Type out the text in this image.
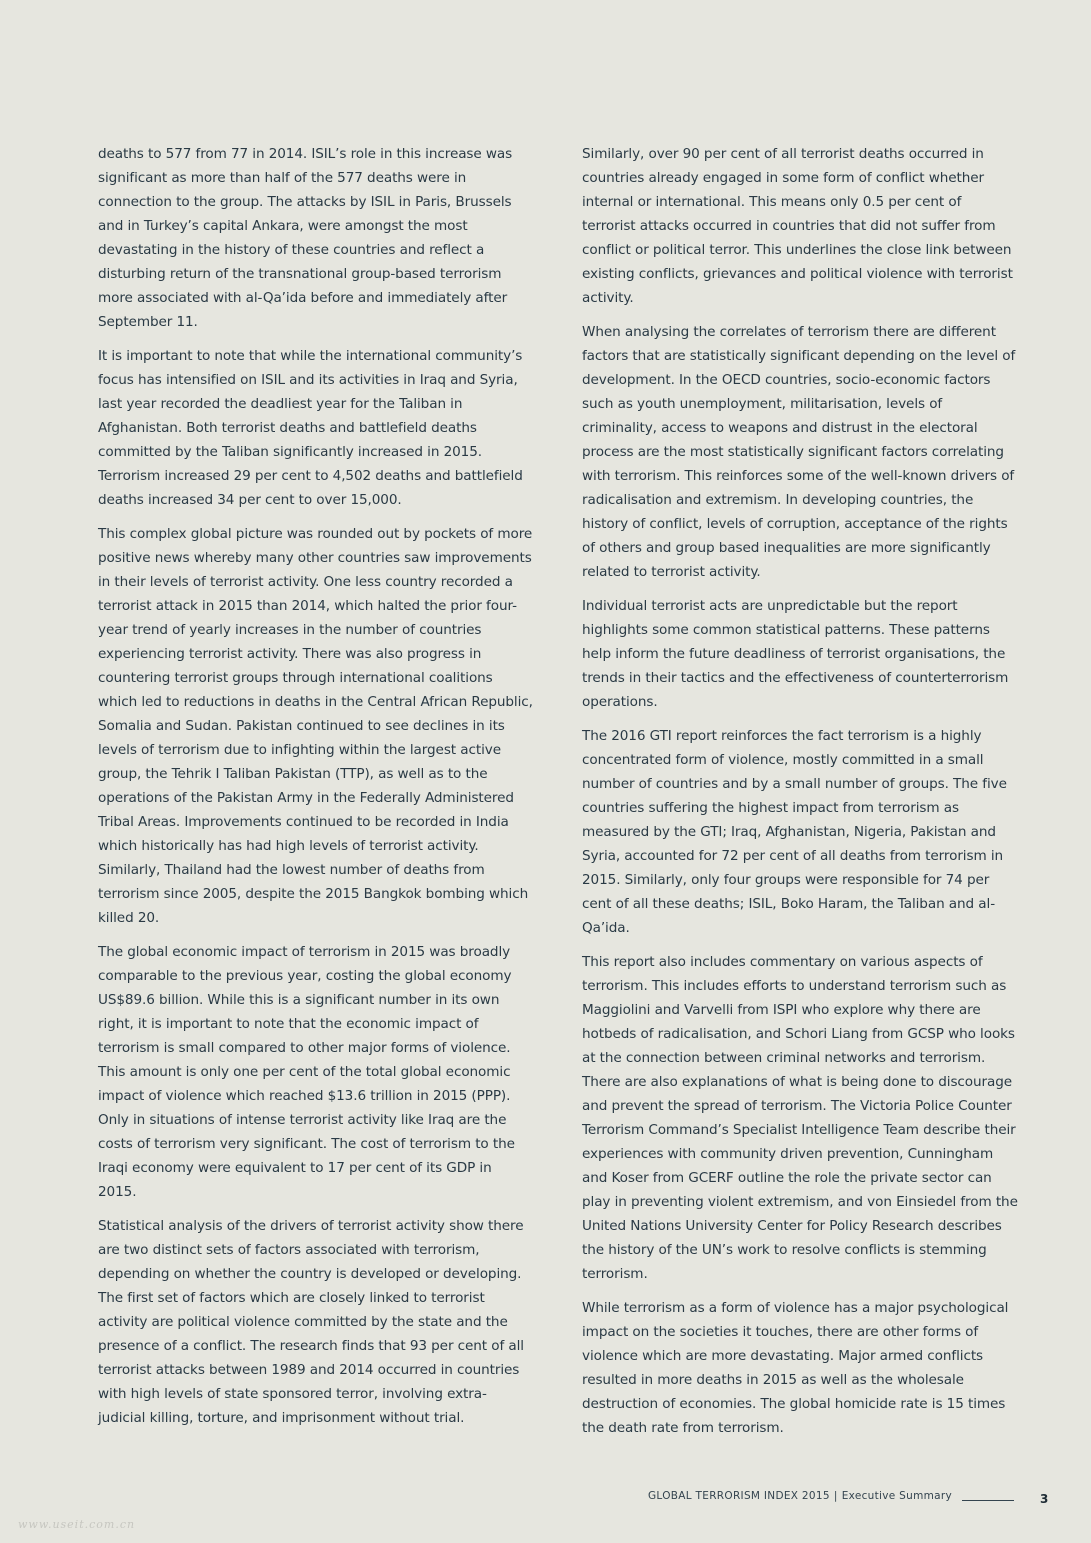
deaths to 577 from 77 in 2014. ISIL’s role in this increase was significant as more than half of the 577 deaths were in connection to the group. The attacks by ISIL in Paris, Brussels and in Turkey’s capital Ankara, were amongst the most devastating in the history of these countries and reflect a disturbing return of the transnational group-based terrorism more associated with al-Qa’ida before and immediately after September 11.

It is important to note that while the international community’s focus has intensified on ISIL and its activities in Iraq and Syria, last year recorded the deadliest year for the Taliban in Afghanistan. Both terrorist deaths and battlefield deaths committed by the Taliban significantly increased in 2015. Terrorism increased 29 per cent to 4,502 deaths and battlefield deaths increased 34 per cent to over 15,000.

This complex global picture was rounded out by pockets of more positive news whereby many other countries saw improvements in their levels of terrorist activity. One less country recorded a terrorist attack in 2015 than 2014, which halted the prior four-year trend of yearly increases in the number of countries experiencing terrorist activity. There was also progress in countering terrorist groups through international coalitions which led to reductions in deaths in the Central African Republic, Somalia and Sudan. Pakistan continued to see declines in its levels of terrorism due to infighting within the largest active group, the Tehrik I Taliban Pakistan (TTP), as well as to the operations of the Pakistan Army in the Federally Administered Tribal Areas. Improvements continued to be recorded in India which historically has had high levels of terrorist activity. Similarly, Thailand had the lowest number of deaths from terrorism since 2005, despite the 2015 Bangkok bombing which killed 20.

The global economic impact of terrorism in 2015 was broadly comparable to the previous year, costing the global economy US$89.6 billion. While this is a significant number in its own right, it is important to note that the economic impact of terrorism is small compared to other major forms of violence. This amount is only one per cent of the total global economic impact of violence which reached $13.6 trillion in 2015 (PPP). Only in situations of intense terrorist activity like Iraq are the costs of terrorism very significant. The cost of terrorism to the Iraqi economy were equivalent to 17 per cent of its GDP in 2015.

Statistical analysis of the drivers of terrorist activity show there are two distinct sets of factors associated with terrorism, depending on whether the country is developed or developing. The first set of factors which are closely linked to terrorist activity are political violence committed by the state and the presence of a conflict. The research finds that 93 per cent of all terrorist attacks between 1989 and 2014 occurred in countries with high levels of state sponsored terror, involving extra-judicial killing, torture, and imprisonment without trial.

Similarly, over 90 per cent of all terrorist deaths occurred in countries already engaged in some form of conflict whether internal or international. This means only 0.5 per cent of terrorist attacks occurred in countries that did not suffer from conflict or political terror. This underlines the close link between existing conflicts, grievances and political violence with terrorist activity.

When analysing the correlates of terrorism there are different factors that are statistically significant depending on the level of development. In the OECD countries, socio-economic factors such as youth unemployment, militarisation, levels of criminality, access to weapons and distrust in the electoral process are the most statistically significant factors correlating with terrorism. This reinforces some of the well-known drivers of radicalisation and extremism. In developing countries, the history of conflict, levels of corruption, acceptance of the rights of others and group based inequalities are more significantly related to terrorist activity.

Individual terrorist acts are unpredictable but the report highlights some common statistical patterns. These patterns help inform the future deadliness of terrorist organisations, the trends in their tactics and the effectiveness of counterterrorism operations.

The 2016 GTI report reinforces the fact terrorism is a highly concentrated form of violence, mostly committed in a small number of countries and by a small number of groups. The five countries suffering the highest impact from terrorism as measured by the GTI; Iraq, Afghanistan, Nigeria, Pakistan and Syria, accounted for 72 per cent of all deaths from terrorism in 2015. Similarly, only four groups were responsible for 74 per cent of all these deaths; ISIL, Boko Haram, the Taliban and al-Qa’ida.

This report also includes commentary on various aspects of terrorism. This includes efforts to understand terrorism such as Maggiolini and Varvelli from ISPI who explore why there are hotbeds of radicalisation, and Schori Liang from GCSP who looks at the connection between criminal networks and terrorism. There are also explanations of what is being done to discourage and prevent the spread of terrorism. The Victoria Police Counter Terrorism Command’s Specialist Intelligence Team describe their experiences with community driven prevention, Cunningham and Koser from GCERF outline the role the private sector can play in preventing violent extremism, and von Einsiedel from the United Nations University Center for Policy Research describes the history of the UN’s work to resolve conflicts is stemming terrorism.

While terrorism as a form of violence has a major psychological impact on the societies it touches, there are other forms of violence which are more devastating. Major armed conflicts resulted in more deaths in 2015 as well as the wholesale destruction of economies. The global homicide rate is 15 times the death rate from terrorism.

GLOBAL TERRORISM INDEX 2015 | Executive Summary	3
www.useit.com.cn
